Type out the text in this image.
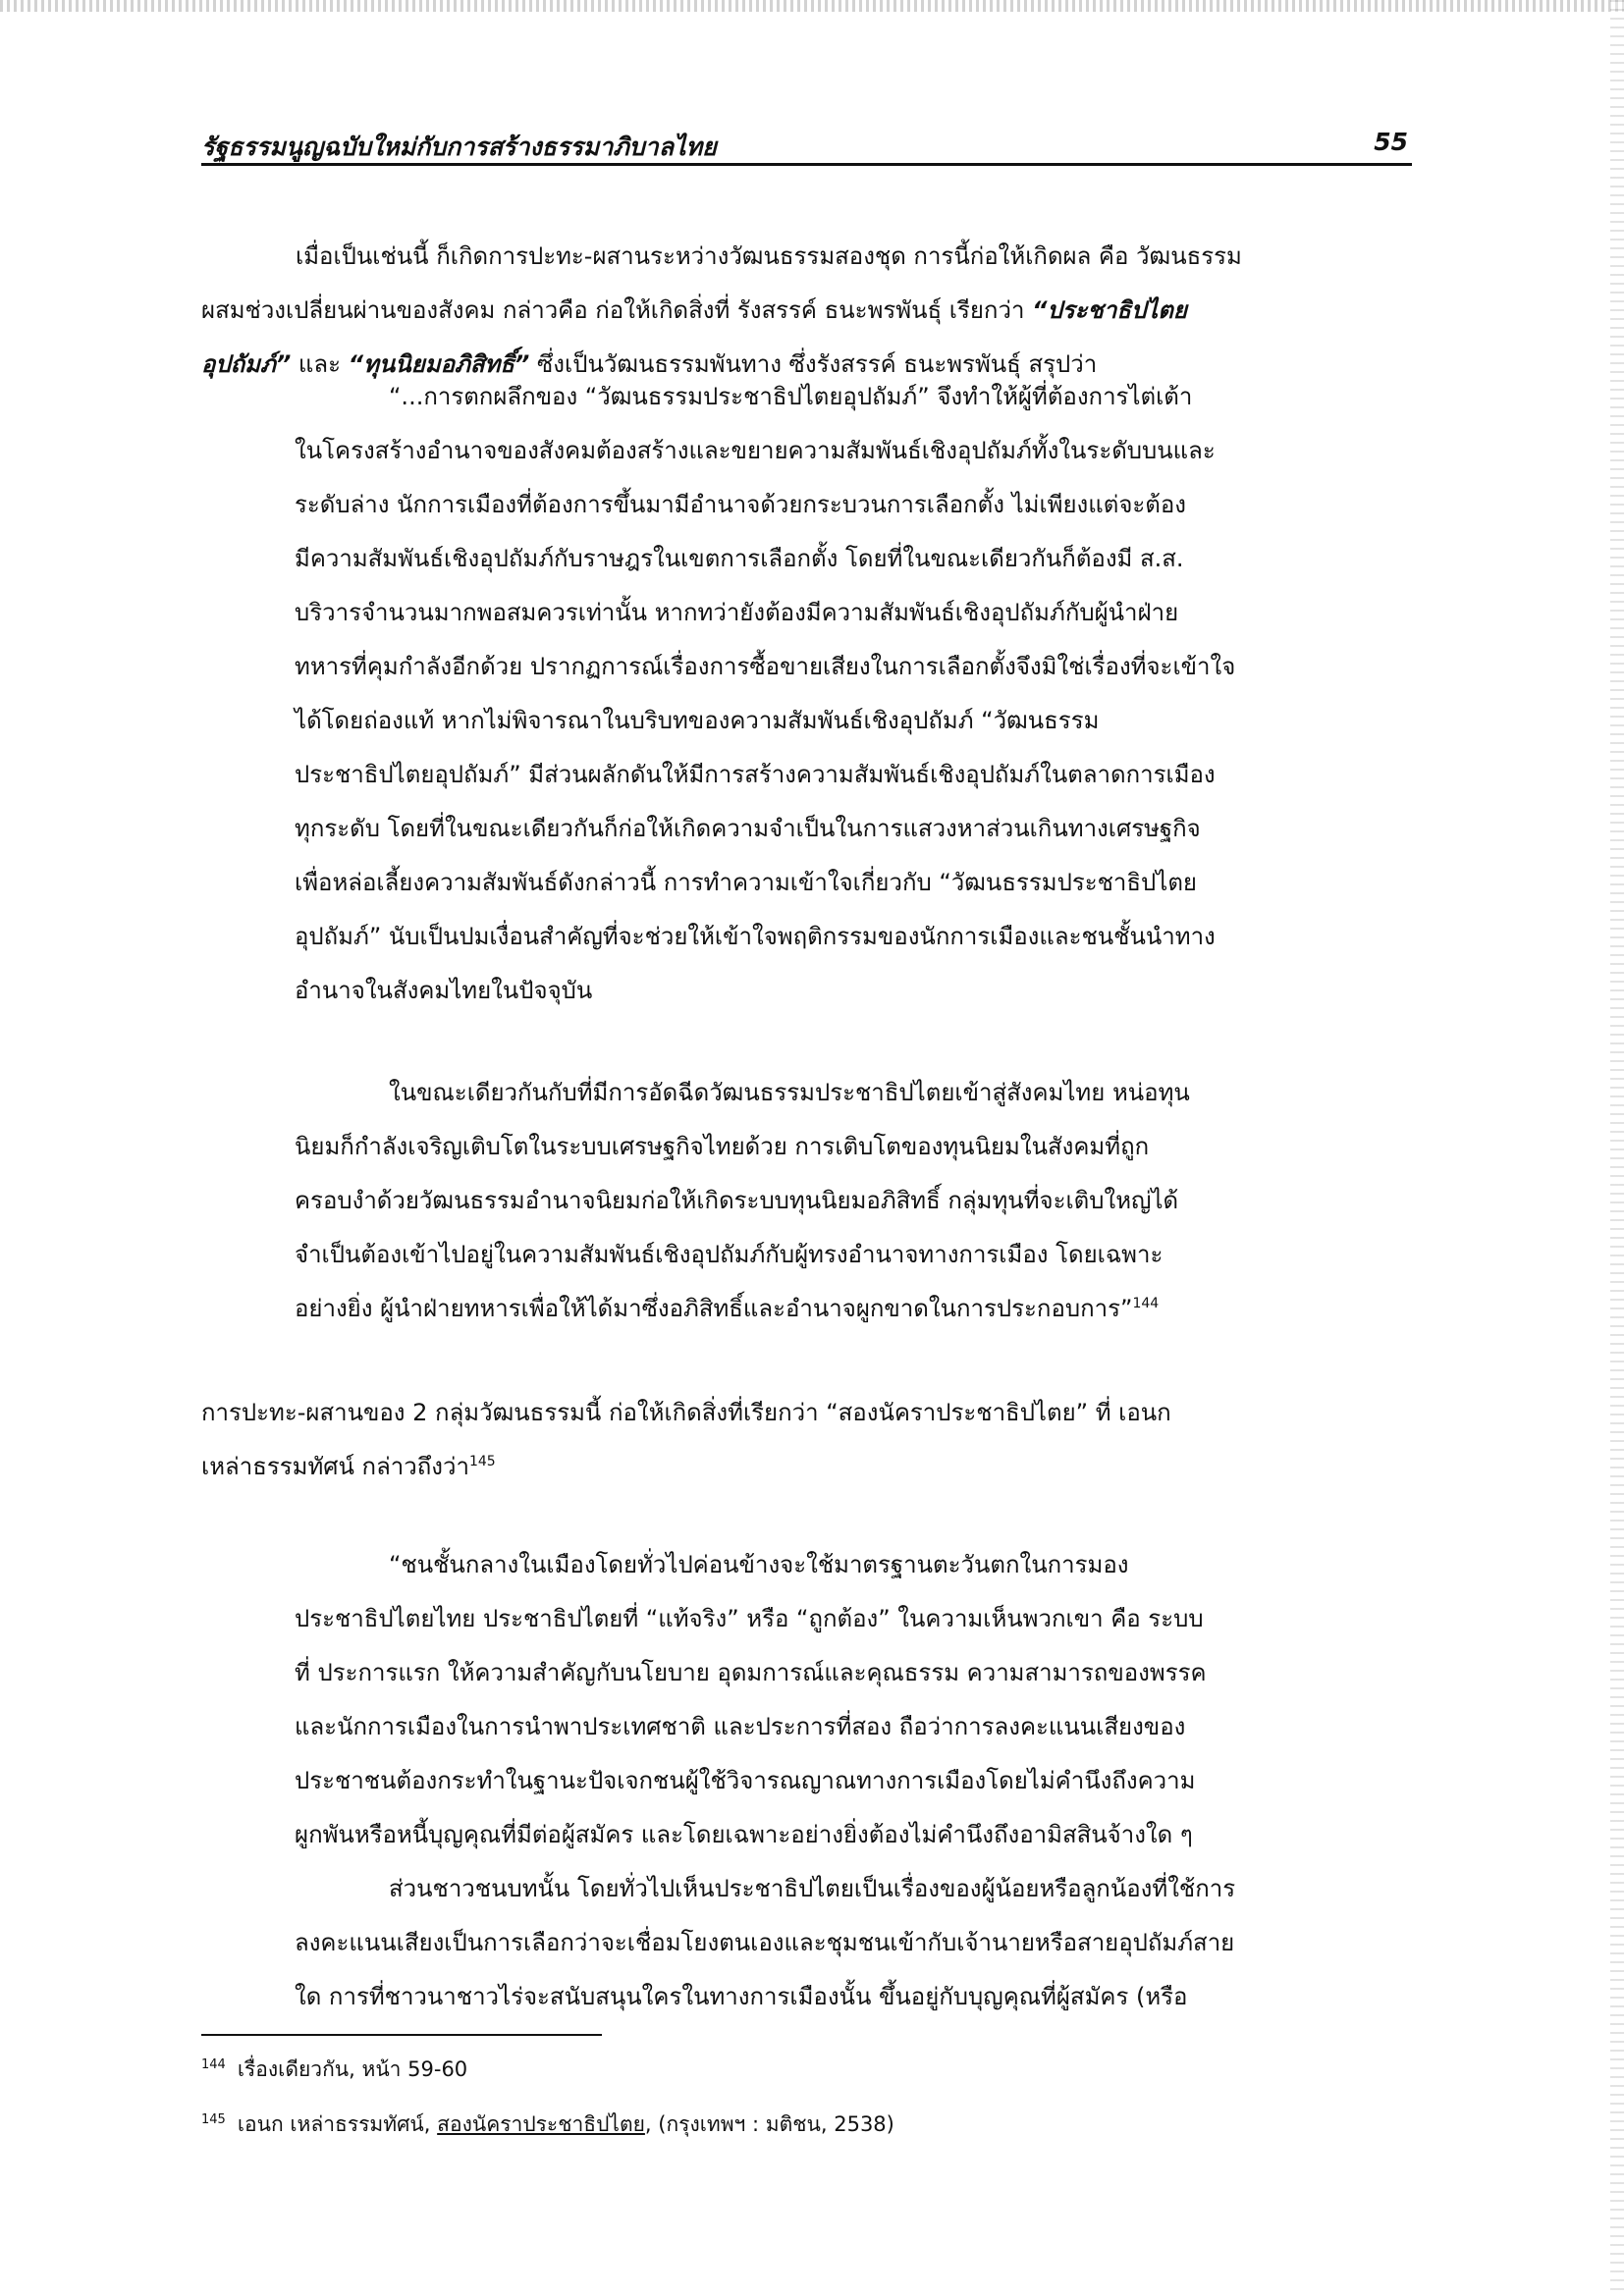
รัฐธรรมนูญฉบับใหม่กับการสร้างธรรมาภิบาลไทย	55
เมื่อเป็นเช่นนี้ ก็เกิดการปะทะ-ผสานระหว่างวัฒนธรรมสองชุด การนี้ก่อให้เกิดผล คือ วัฒนธรรม
ผสมช่วงเปลี่ยนผ่านของสังคม กล่าวคือ ก่อให้เกิดสิ่งที่ รังสรรค์ ธนะพรพันธุ์ เรียกว่า “ประชาธิปไตย
อุปถัมภ์” และ “ทุนนิยมอภิสิทธิ์” ซึ่งเป็นวัฒนธรรมพันทาง ซึ่งรังสรรค์ ธนะพรพันธุ์ สรุปว่า
“...การตกผลึกของ “วัฒนธรรมประชาธิปไตยอุปถัมภ์” จึงทำให้ผู้ที่ต้องการไต่เต้า
ในโครงสร้างอำนาจของสังคมต้องสร้างและขยายความสัมพันธ์เชิงอุปถัมภ์ทั้งในระดับบนและ
ระดับล่าง นักการเมืองที่ต้องการขึ้นมามีอำนาจด้วยกระบวนการเลือกตั้ง ไม่เพียงแต่จะต้อง
มีความสัมพันธ์เชิงอุปถัมภ์กับราษฎรในเขตการเลือกตั้ง โดยที่ในขณะเดียวกันก็ต้องมี ส.ส.
บริวารจำนวนมากพอสมควรเท่านั้น หากทว่ายังต้องมีความสัมพันธ์เชิงอุปถัมภ์กับผู้นำฝ่าย
ทหารที่คุมกำลังอีกด้วย ปรากฏการณ์เรื่องการซื้อขายเสียงในการเลือกตั้งจึงมิใช่เรื่องที่จะเข้าใจ
ได้โดยถ่องแท้ หากไม่พิจารณาในบริบทของความสัมพันธ์เชิงอุปถัมภ์ “วัฒนธรรม
ประชาธิปไตยอุปถัมภ์” มีส่วนผลักดันให้มีการสร้างความสัมพันธ์เชิงอุปถัมภ์ในตลาดการเมือง
ทุกระดับ โดยที่ในขณะเดียวกันก็ก่อให้เกิดความจำเป็นในการแสวงหาส่วนเกินทางเศรษฐกิจ
เพื่อหล่อเลี้ยงความสัมพันธ์ดังกล่าวนี้ การทำความเข้าใจเกี่ยวกับ “วัฒนธรรมประชาธิปไตย
อุปถัมภ์” นับเป็นปมเงื่อนสำคัญที่จะช่วยให้เข้าใจพฤติกรรมของนักการเมืองและชนชั้นนำทาง
อำนาจในสังคมไทยในปัจจุบัน
ในขณะเดียวกันกับที่มีการอัดฉีดวัฒนธรรมประชาธิปไตยเข้าสู่สังคมไทย หน่อทุน
นิยมก็กำลังเจริญเติบโตในระบบเศรษฐกิจไทยด้วย การเติบโตของทุนนิยมในสังคมที่ถูก
ครอบงำด้วยวัฒนธรรมอำนาจนิยมก่อให้เกิดระบบทุนนิยมอภิสิทธิ์ กลุ่มทุนที่จะเติบใหญ่ได้
จำเป็นต้องเข้าไปอยู่ในความสัมพันธ์เชิงอุปถัมภ์กับผู้ทรงอำนาจทางการเมือง โดยเฉพาะ
อย่างยิ่ง ผู้นำฝ่ายทหารเพื่อให้ได้มาซึ่งอภิสิทธิ์และอำนาจผูกขาดในการประกอบการ”$^{144}$
การปะทะ-ผสานของ 2 กลุ่มวัฒนธรรมนี้ ก่อให้เกิดสิ่งที่เรียกว่า “สองนัคราประชาธิปไตย” ที่ เอนก
เหล่าธรรมทัศน์ กล่าวถึงว่า$^{145}$
“ชนชั้นกลางในเมืองโดยทั่วไปค่อนข้างจะใช้มาตรฐานตะวันตกในการมอง
ประชาธิปไตยไทย ประชาธิปไตยที่ “แท้จริง” หรือ “ถูกต้อง” ในความเห็นพวกเขา คือ ระบบ
ที่ ประการแรก ให้ความสำคัญกับนโยบาย อุดมการณ์และคุณธรรม ความสามารถของพรรค
และนักการเมืองในการนำพาประเทศชาติ และประการที่สอง ถือว่าการลงคะแนนเสียงของ
ประชาชนต้องกระทำในฐานะปัจเจกชนผู้ใช้วิจารณญาณทางการเมืองโดยไม่คำนึงถึงความ
ผูกพันหรือหนี้บุญคุณที่มีต่อผู้สมัคร และโดยเฉพาะอย่างยิ่งต้องไม่คำนึงถึงอามิสสินจ้างใด ๆ
ส่วนชาวชนบทนั้น โดยทั่วไปเห็นประชาธิปไตยเป็นเรื่องของผู้น้อยหรือลูกน้องที่ใช้การ
ลงคะแนนเสียงเป็นการเลือกว่าจะเชื่อมโยงตนเองและชุมชนเข้ากับเจ้านายหรือสายอุปถัมภ์สาย
ใด การที่ชาวนาชาวไร่จะสนับสนุนใครในทางการเมืองนั้น ขึ้นอยู่กับบุญคุณที่ผู้สมัคร (หรือ
$^{144}$ เรื่องเดียวกัน, หน้า 59-60
$^{145}$ เอนก เหล่าธรรมทัศน์, สองนัคราประชาธิปไตย, (กรุงเทพฯ : มติชน, 2538)
